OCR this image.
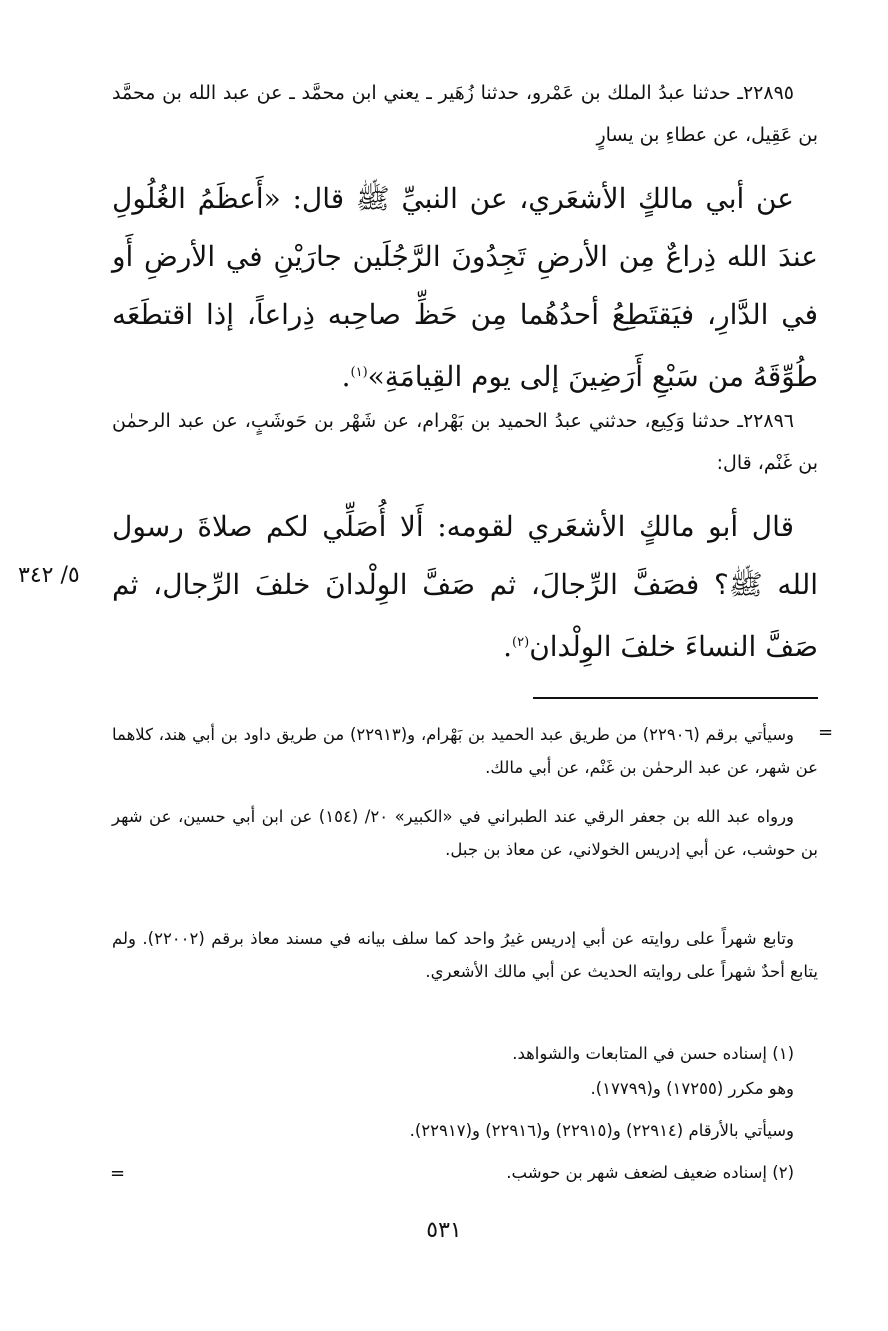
٢٢٨٩٥ـ حدثنا عبدُ الملك بن عَمْرو، حدثنا زُهَير ـ يعني ابن محمَّد ـ عن عبد الله بن محمَّد بن عَقِيل، عن عطاءِ بن يسارٍ
عن أبي مالكٍ الأشعَري، عن النبيِّ ﷺ قال: «أَعظَمُ الغُلُولِ عندَ الله ذِراعٌ مِن الأرضِ تَجِدُونَ الرَّجُلَين جارَيْنِ في الأرضِ أَو في الدَّارِ، فيَقتَطِعُ أحدُهُما مِن حَظِّ صاحِبه ذِراعاً، إذا اقتطَعَه طُوِّقَهُ من سَبْعِ أَرَضِينَ إلى يوم القِيامَةِ»$^{(١)}$.
٢٢٨٩٦ـ حدثنا وَكِيع، حدثني عبدُ الحميد بن بَهْرام، عن شَهْر بن حَوشَبٍ، عن عبد الرحمٰن بن غَنْم، قال:
قال أبو مالكٍ الأشعَري لقومه: أَلا أُصَلِّي لكم صلاةَ رسول الله ﷺ؟ فصَفَّ الرِّجالَ، ثم صَفَّ الوِلْدانَ خلفَ الرِّجال، ثم صَفَّ النساءَ خلفَ الوِلْدان$^{(٢)}$.
٥/ ٣٤٢
=
=
وسيأتي برقم (٢٢٩٠٦) من طريق عبد الحميد بن بَهْرام، و(٢٢٩١٣) من طريق داود بن أبي هند، كلاهما عن شهر، عن عبد الرحمٰن بن غَنْم، عن أبي مالك.
ورواه عبد الله بن جعفر الرقي عند الطبراني في «الكبير» ٢٠/ (١٥٤) عن ابن أبي حسين، عن شهر بن حوشب، عن أبي إدريس الخولاني، عن معاذ بن جبل.
وتابع شهراً على روايته عن أبي إدريس غيرُ واحد كما سلف بيانه في مسند معاذ برقم (٢٢٠٠٢). ولم يتابع أحدٌ شهراً على روايته الحديث عن أبي مالك الأشعري.
(١) إسناده حسن في المتابعات والشواهد.
وهو مكرر (١٧٢٥٥) و(١٧٧٩٩).
وسيأتي بالأرقام (٢٢٩١٤) و(٢٢٩١٥) و(٢٢٩١٦) و(٢٢٩١٧).
(٢) إسناده ضعيف لضعف شهر بن حوشب.
٥٣١
